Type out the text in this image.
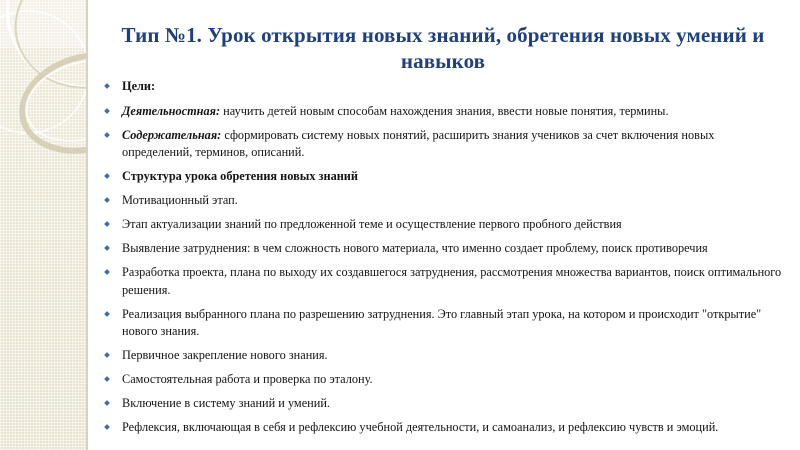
Тип №1. Урок открытия новых знаний, обретения новых умений и навыков
Цели:
Деятельностная: научить детей новым способам нахождения знания, ввести новые понятия, термины.
Содержательная: сформировать систему новых понятий, расширить знания учеников за счет включения новых определений, терминов, описаний.
Структура урока обретения новых знаний
Мотивационный этап.
Этап актуализации знаний по предложенной теме и осуществление первого пробного действия
Выявление затруднения: в чем сложность нового материала, что именно создает проблему, поиск противоречия
Разработка проекта, плана по выходу их создавшегося затруднения, рассмотрения множества вариантов, поиск оптимального решения.
Реализация выбранного плана по разрешению затруднения. Это главный этап урока, на котором и происходит "открытие" нового знания.
Первичное закрепление нового знания.
Самостоятельная работа и проверка по эталону.
Включение в систему знаний и умений.
Рефлексия, включающая в себя и рефлексию учебной деятельности, и самоанализ, и рефлексию чувств и эмоций.
